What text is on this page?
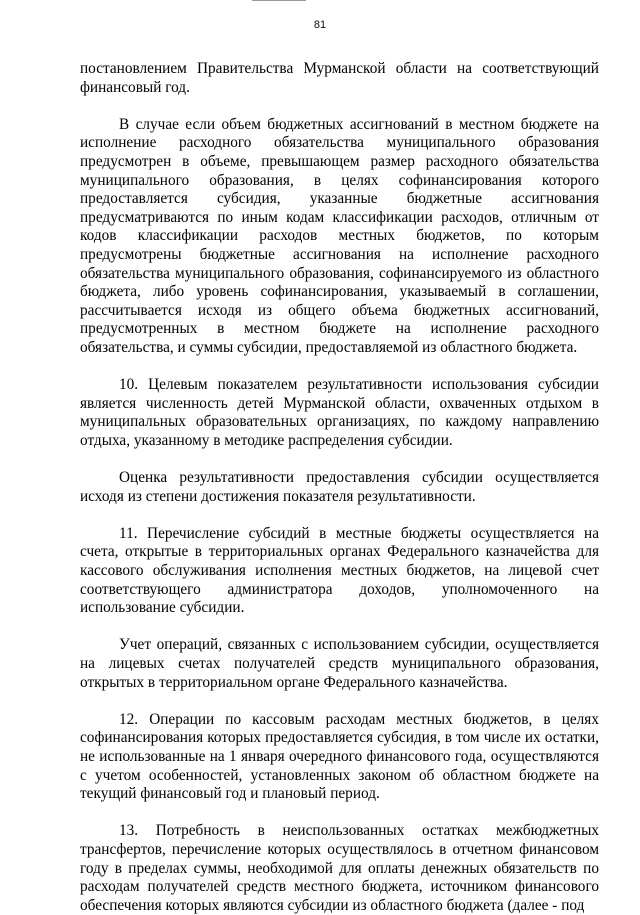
81

постановлением Правительства Мурманской области на соответствующий финансовый год.

В случае если объем бюджетных ассигнований в местном бюджете на исполнение расходного обязательства муниципального образования предусмотрен в объеме, превышающем размер расходного обязательства муниципального образования, в целях софинансирования которого предоставляется субсидия, указанные бюджетные ассигнования предусматриваются по иным кодам классификации расходов, отличным от кодов классификации расходов местных бюджетов, по которым предусмотрены бюджетные ассигнования на исполнение расходного обязательства муниципального образования, софинансируемого из областного бюджета, либо уровень софинансирования, указываемый в соглашении, рассчитывается исходя из общего объема бюджетных ассигнований, предусмотренных в местном бюджете на исполнение расходного обязательства, и суммы субсидии, предоставляемой из областного бюджета.

10. Целевым показателем результативности использования субсидии является численность детей Мурманской области, охваченных отдыхом в муниципальных образовательных организациях, по каждому направлению отдыха, указанному в методике распределения субсидии.

Оценка результативности предоставления субсидии осуществляется исходя из степени достижения показателя результативности.

11. Перечисление субсидий в местные бюджеты осуществляется на счета, открытые в территориальных органах Федерального казначейства для кассового обслуживания исполнения местных бюджетов, на лицевой счет соответствующего администратора доходов, уполномоченного на использование субсидии.

Учет операций, связанных с использованием субсидии, осуществляется на лицевых счетах получателей средств муниципального образования, открытых в территориальном органе Федерального казначейства.

12. Операции по кассовым расходам местных бюджетов, в целях софинансирования которых предоставляется субсидия, в том числе их остатки, не использованные на 1 января очередного финансового года, осуществляются с учетом особенностей, установленных законом об областном бюджете на текущий финансовый год и плановый период.

13. Потребность в неиспользованных остатках межбюджетных трансфертов, перечисление которых осуществлялось в отчетном финансовом году в пределах суммы, необходимой для оплаты денежных обязательств по расходам получателей средств местного бюджета, источником финансового обеспечения которых являются субсидии из областного бюджета (далее - под
